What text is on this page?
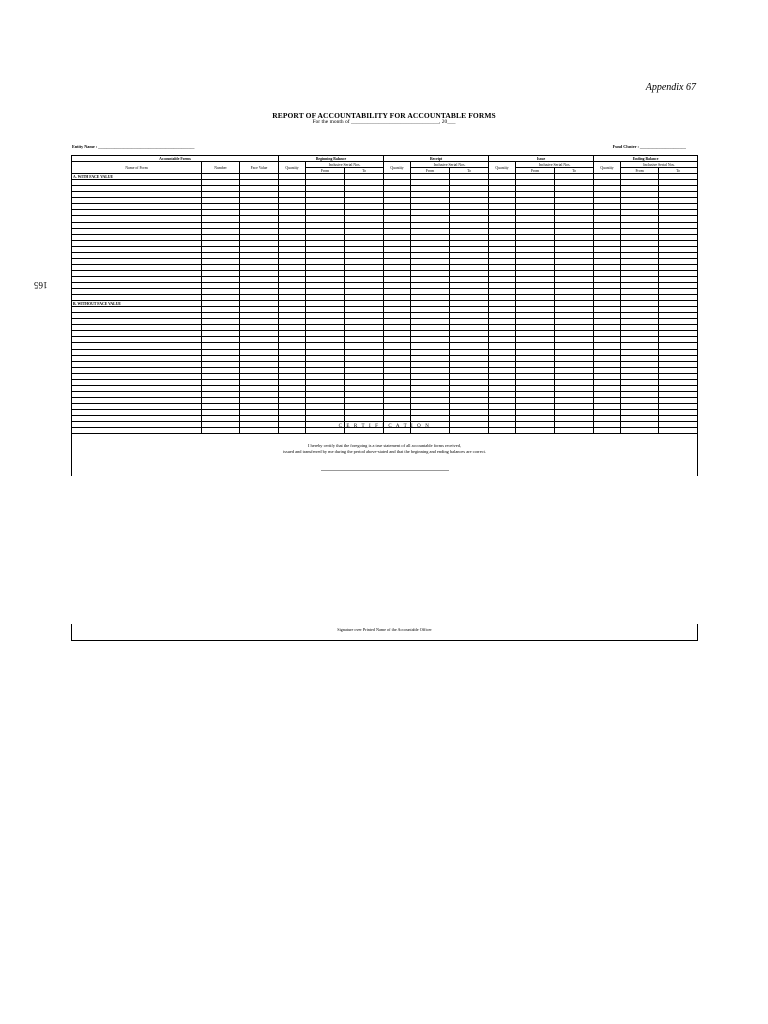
Appendix 67
REPORT OF ACCOUNTABILITY FOR ACCOUNTABLE FORMS
For the month of ________________________________, 20___
Entity Name : ______________________________________________	Fund Cluster : ______________________
165
Accountable Forms			Beginning Balance			Receipt			Issue			Ending Balance		
Name of Form	Number	Face Value	Quantity	Inclusive Serial Nos.		Quantity	Inclusive Serial Nos.		Quantity	Inclusive Serial Nos.		Quantity	Inclusive Serial Nos.	
				From	To		From	To		From	To		From	To
A. WITH FACE VALUE														

B. WITHOUT FACE VALUE														

C E R T I F I C A T I O N
I hereby certify that the foregoing is a true statement of all accountable forms received,
issued and transferred by me during the period above-stated and that the beginning and ending balances are correct.
Signature over Printed Name of the Accountable Officer
